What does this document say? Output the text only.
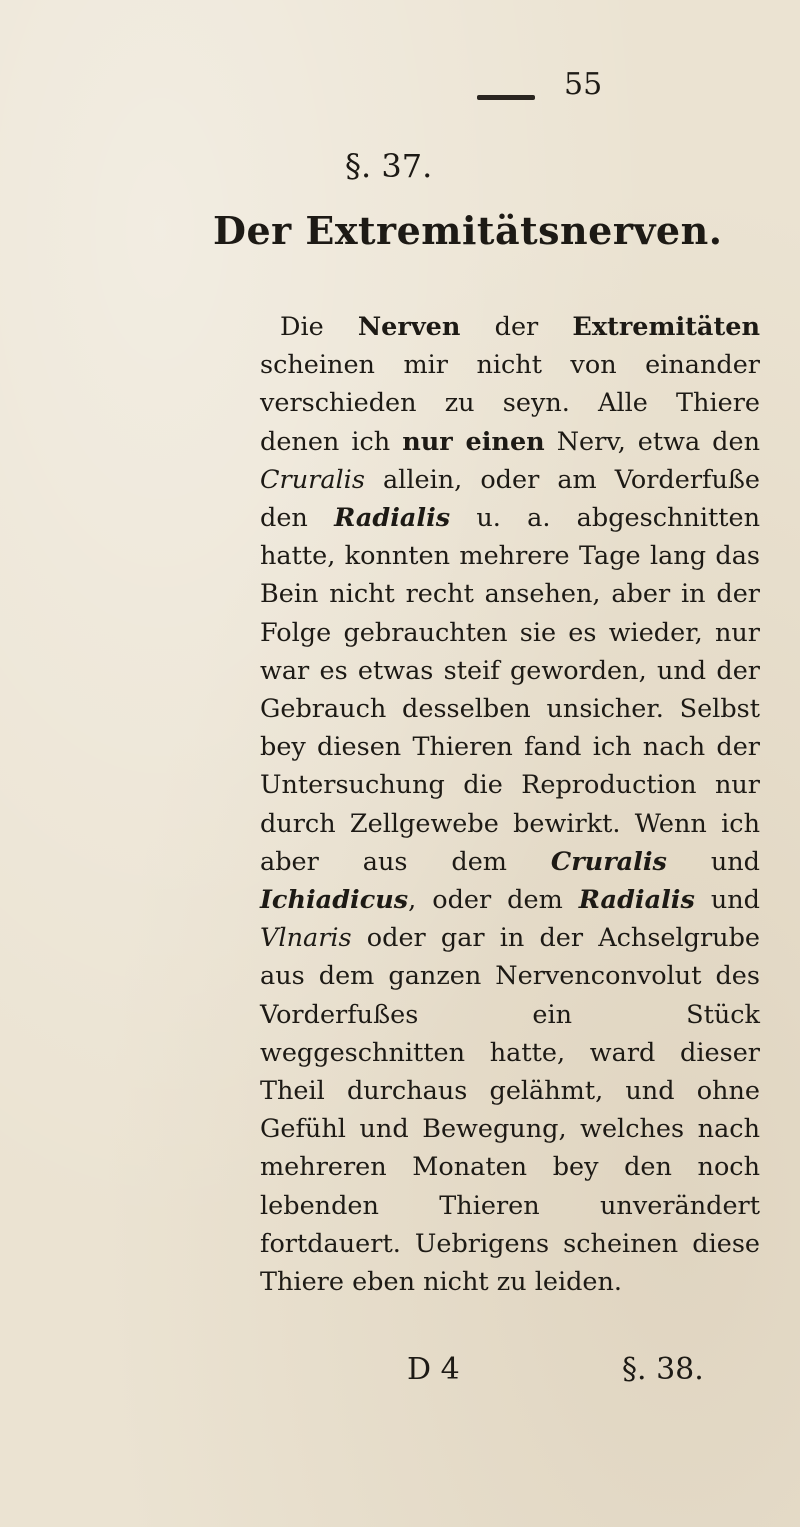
55
§. 37.
Der Extremitätsnerven.

Die Nerven der Extremitäten scheinen mir nicht von einander verschieden zu seyn. Alle Thiere denen ich nur einen Nerv, etwa den Cruralis allein, oder am Vorderfuße den Radialis u. a. abgeschnitten hatte, konnten mehrere Tage lang das Bein nicht recht ansehen, aber in der Folge gebrauchten sie es wieder, nur war es etwas steif geworden, und der Gebrauch desselben unsicher. Selbst bey diesen Thieren fand ich nach der Untersuchung die Reproduction nur durch Zellgewebe bewirkt. Wenn ich aber aus dem Cruralis und Ichiadicus, oder dem Radialis und Vlnaris oder gar in der Achselgrube aus dem ganzen Nervenconvolut des Vorderfußes ein Stück weggeschnitten hatte, ward dieser Theil durchaus gelähmt, und ohne Gefühl und Bewegung, welches nach mehreren Monaten bey den noch lebenden Thieren unverändert fortdauert. Uebrigens scheinen diese Thiere eben nicht zu leiden.

D 4	§. 38.
